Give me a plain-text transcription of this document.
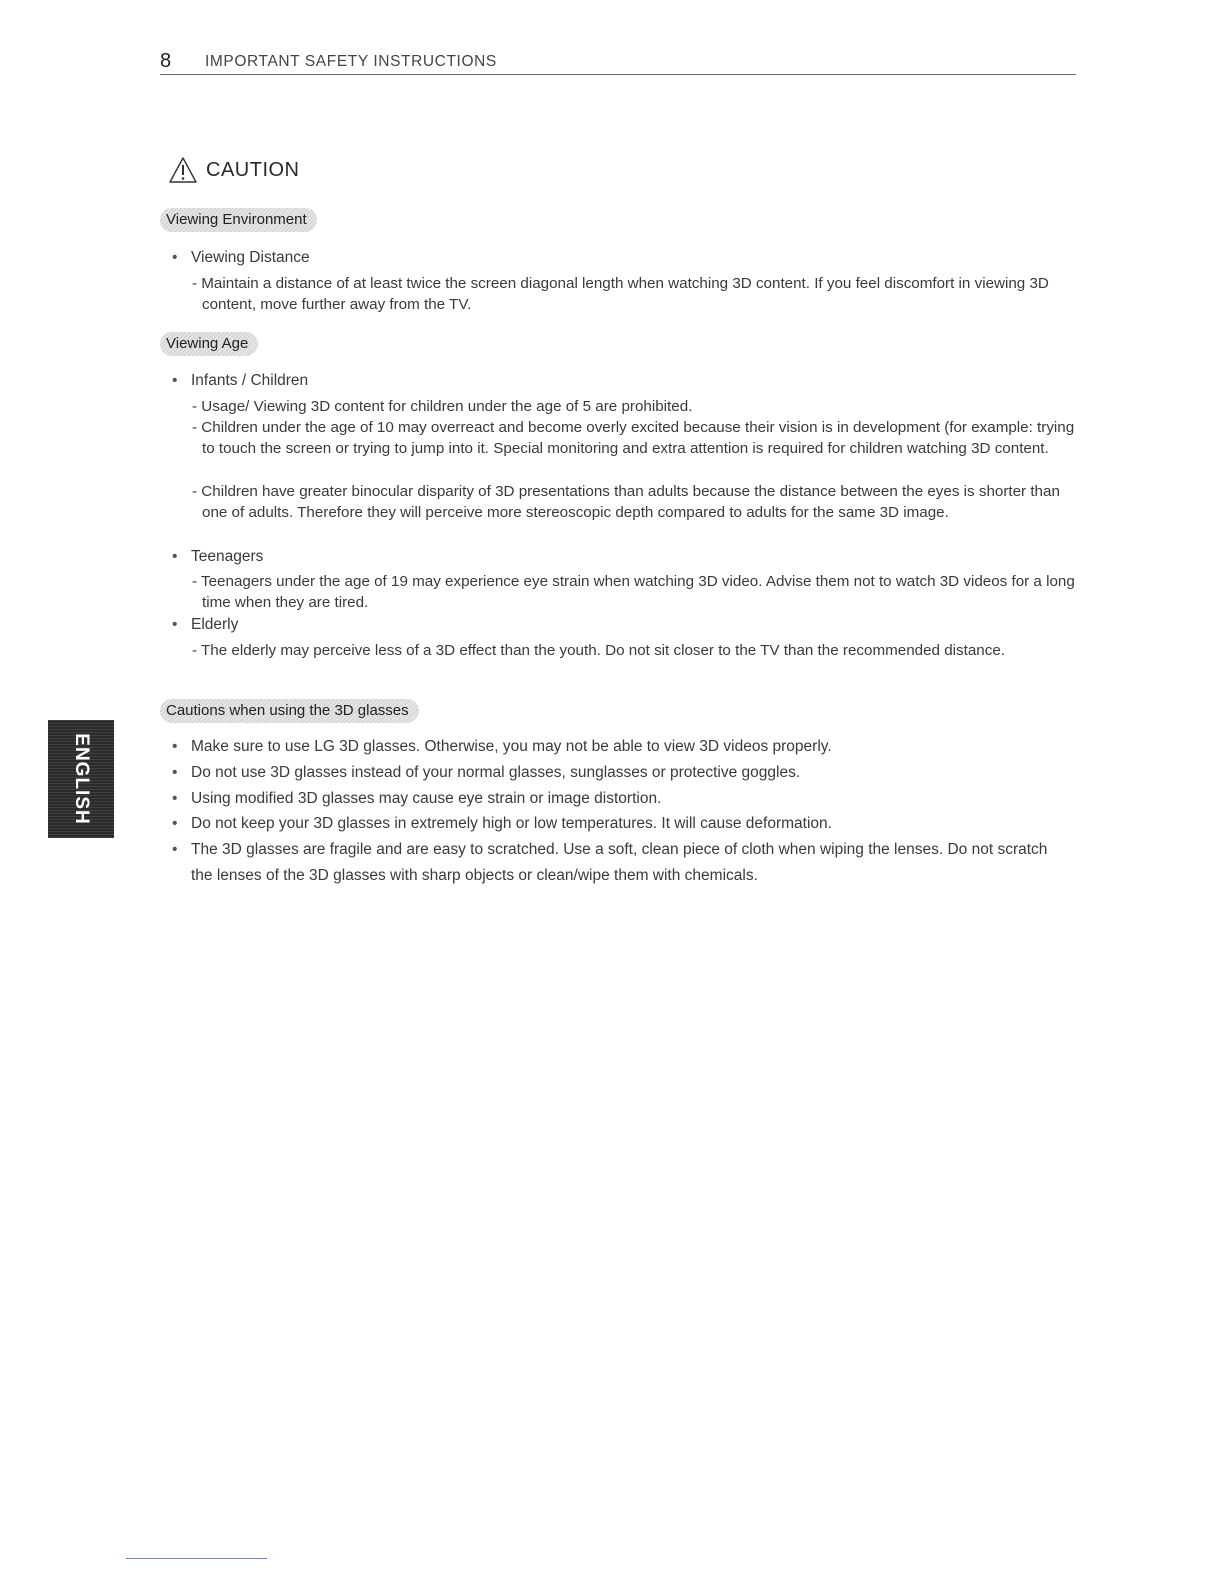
8 IMPORTANT SAFETY INSTRUCTIONS
CAUTION
Viewing Environment
Viewing Distance
- Maintain a distance of at least twice the screen diagonal length when watching 3D content. If you feel discomfort in viewing 3D content, move further away from the TV.
Viewing Age
Infants / Children
- Usage/ Viewing 3D content for children under the age of 5 are prohibited.
- Children under the age of 10 may overreact and become overly excited because their vision is in development (for example: trying to touch the screen or trying to jump into it. Special monitoring and extra attention is required for children watching 3D content.
- Children have greater binocular disparity of 3D presentations than adults because the distance between the eyes is shorter than one of adults. Therefore they will perceive more stereoscopic depth compared to adults for the same 3D image.
Teenagers
- Teenagers under the age of 19 may experience eye strain when watching 3D video. Advise them not to watch 3D videos for a long time when they are tired.
Elderly
- The elderly may perceive less of a 3D effect than the youth. Do not sit closer to the TV than the recommended distance.
Cautions when using the 3D glasses
• Make sure to use LG 3D glasses. Otherwise, you may not be able to view 3D videos properly.
• Do not use 3D glasses instead of your normal glasses, sunglasses or protective goggles.
• Using modified 3D glasses may cause eye strain or image distortion.
• Do not keep your 3D glasses in extremely high or low temperatures. It will cause deformation.
• The 3D glasses are fragile and are easy to scratched. Use a soft, clean piece of cloth when wiping the lenses. Do not scratch the lenses of the 3D glasses with sharp objects or clean/wipe them with chemicals.
ENGLISH
